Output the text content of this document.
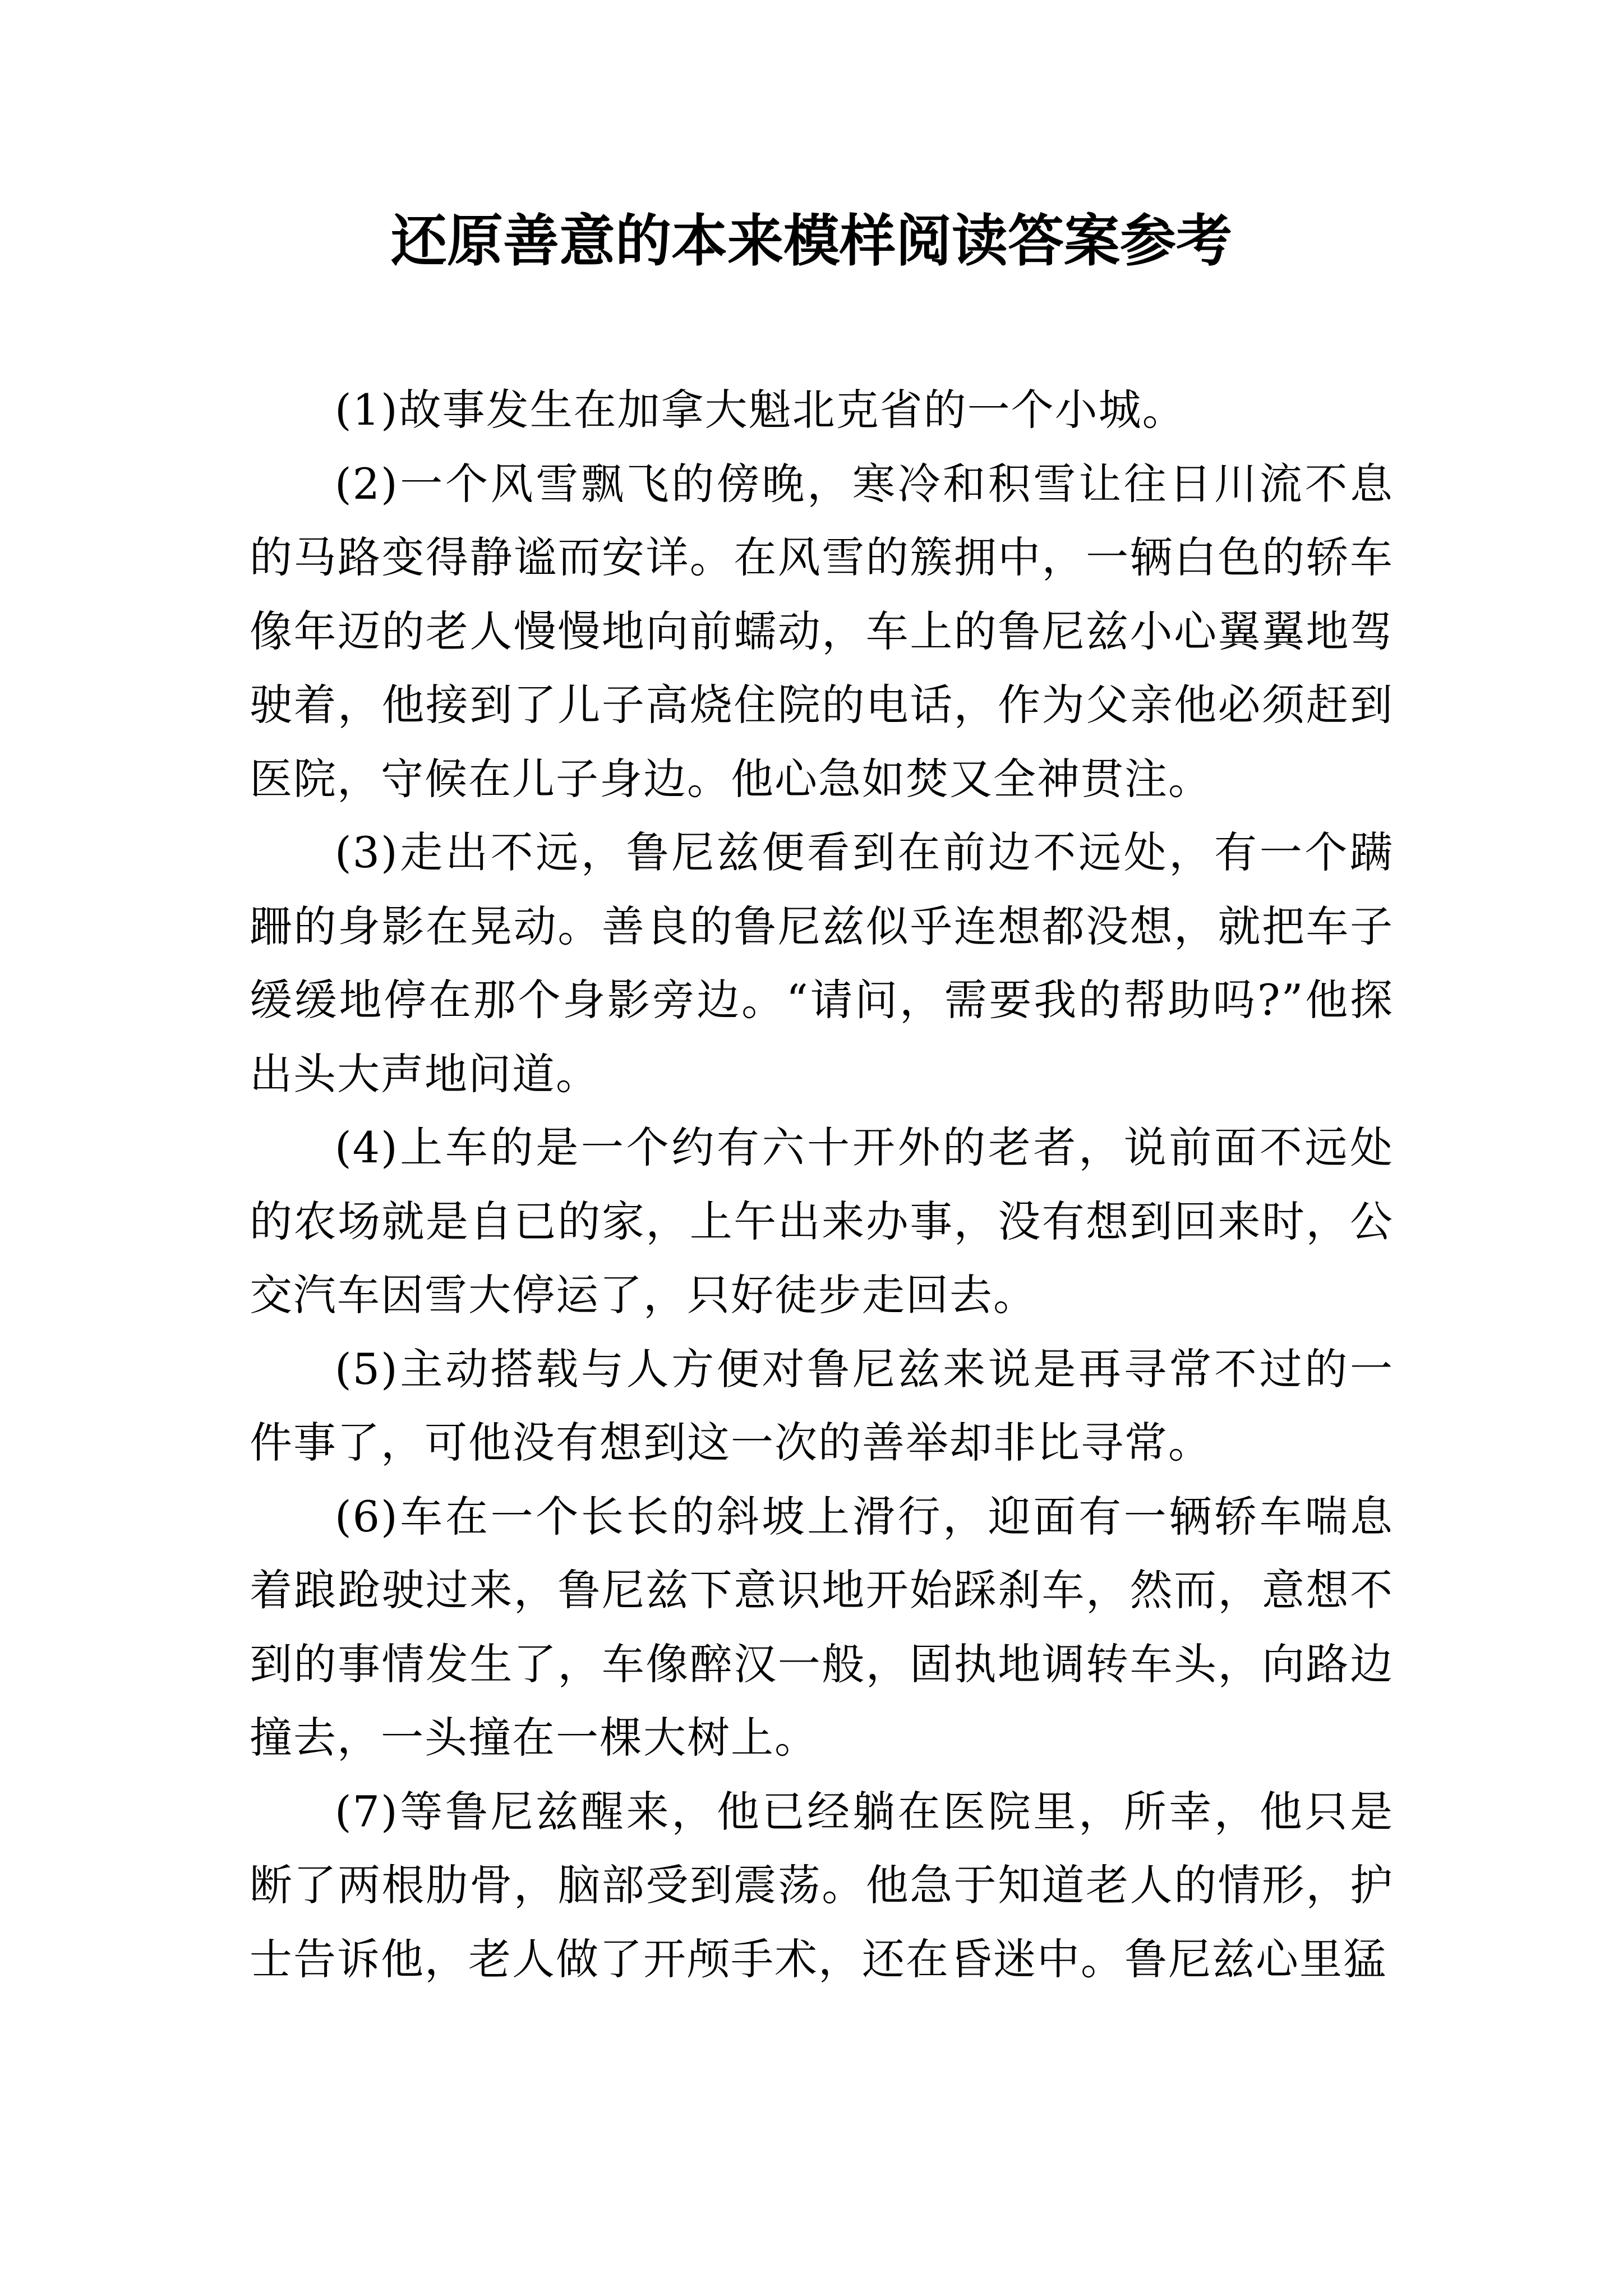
还原善意的本来模样阅读答案参考

(1)故事发生在加拿大魁北克省的一个小城。

(2)一个风雪飘飞的傍晚，寒冷和积雪让往日川流不息的马路变得静谧而安详。在风雪的簇拥中，一辆白色的轿车像年迈的老人慢慢地向前蠕动，车上的鲁尼兹小心翼翼地驾驶着，他接到了儿子高烧住院的电话，作为父亲他必须赶到医院，守候在儿子身边。他心急如焚又全神贯注。

(3)走出不远，鲁尼兹便看到在前边不远处，有一个蹒跚的身影在晃动。善良的鲁尼兹似乎连想都没想，就把车子缓缓地停在那个身影旁边。“请问，需要我的帮助吗?”他探出头大声地问道。

(4)上车的是一个约有六十开外的老者，说前面不远处的农场就是自已的家，上午出来办事，没有想到回来时，公交汽车因雪大停运了，只好徒步走回去。

(5)主动搭载与人方便对鲁尼兹来说是再寻常不过的一件事了，可他没有想到这一次的善举却非比寻常。

(6)车在一个长长的斜坡上滑行，迎面有一辆轿车喘息着踉跄驶过来，鲁尼兹下意识地开始踩刹车，然而，意想不到的事情发生了，车像醉汉一般，固执地调转车头，向路边撞去，一头撞在一棵大树上。

(7)等鲁尼兹醒来，他已经躺在医院里，所幸，他只是断了两根肋骨，脑部受到震荡。他急于知道老人的情形，护士告诉他，老人做了开颅手术，还在昏迷中。鲁尼兹心里猛
